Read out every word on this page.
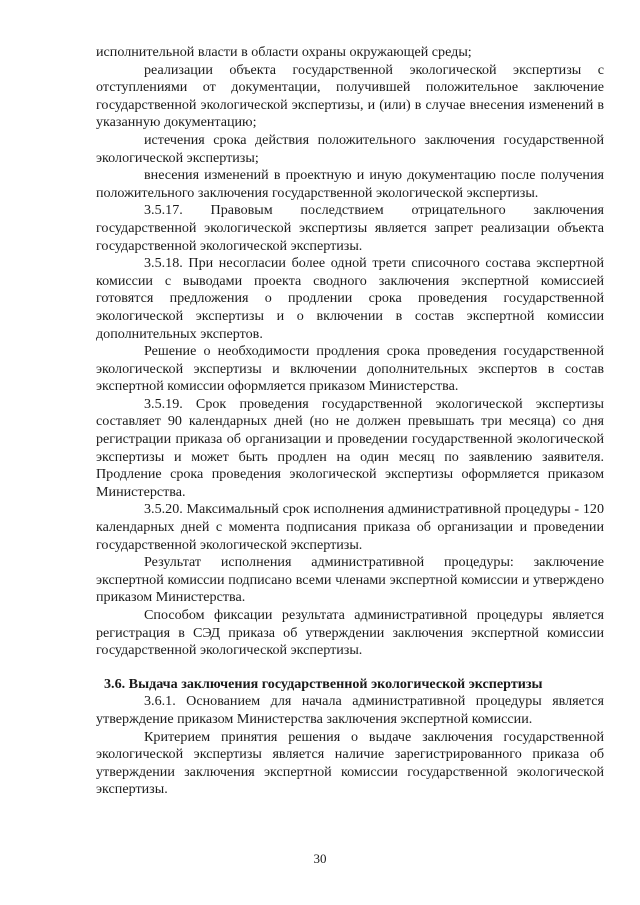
исполнительной власти в области охраны окружающей среды;

реализации объекта государственной экологической экспертизы с отступлениями от документации, получившей положительное заключение государственной экологической экспертизы, и (или) в случае внесения изменений в указанную документацию;

истечения срока действия положительного заключения государственной экологической экспертизы;

внесения изменений в проектную и иную документацию после получения положительного заключения государственной экологической экспертизы.

3.5.17. Правовым последствием отрицательного заключения государственной экологической экспертизы является запрет реализации объекта государственной экологической экспертизы.

3.5.18. При несогласии более одной трети списочного состава экспертной комиссии с выводами проекта сводного заключения экспертной комиссией готовятся предложения о продлении срока проведения государственной экологической экспертизы и о включении в состав экспертной комиссии дополнительных экспертов.

Решение о необходимости продления срока проведения государственной экологической экспертизы и включении дополнительных экспертов в состав экспертной комиссии оформляется приказом Министерства.

3.5.19. Срок проведения государственной экологической экспертизы составляет 90 календарных дней (но не должен превышать три месяца) со дня регистрации приказа об организации и проведении государственной экологической экспертизы и может быть продлен на один месяц по заявлению заявителя. Продление срока проведения экологической экспертизы оформляется приказом Министерства.

3.5.20. Максимальный срок исполнения административной процедуры - 120 календарных дней с момента подписания приказа об организации и проведении государственной экологической экспертизы.

Результат исполнения административной процедуры: заключение экспертной комиссии подписано всеми членами экспертной комиссии и утверждено приказом Министерства.

Способом фиксации результата административной процедуры является регистрация в СЭД приказа об утверждении заключения экспертной комиссии государственной экологической экспертизы.

3.6. Выдача заключения государственной экологической экспертизы

3.6.1. Основанием для начала административной процедуры является утверждение приказом Министерства заключения экспертной комиссии.

Критерием принятия решения о выдаче заключения государственной экологической экспертизы является наличие зарегистрированного приказа об утверждении заключения экспертной комиссии государственной экологической экспертизы.

30
